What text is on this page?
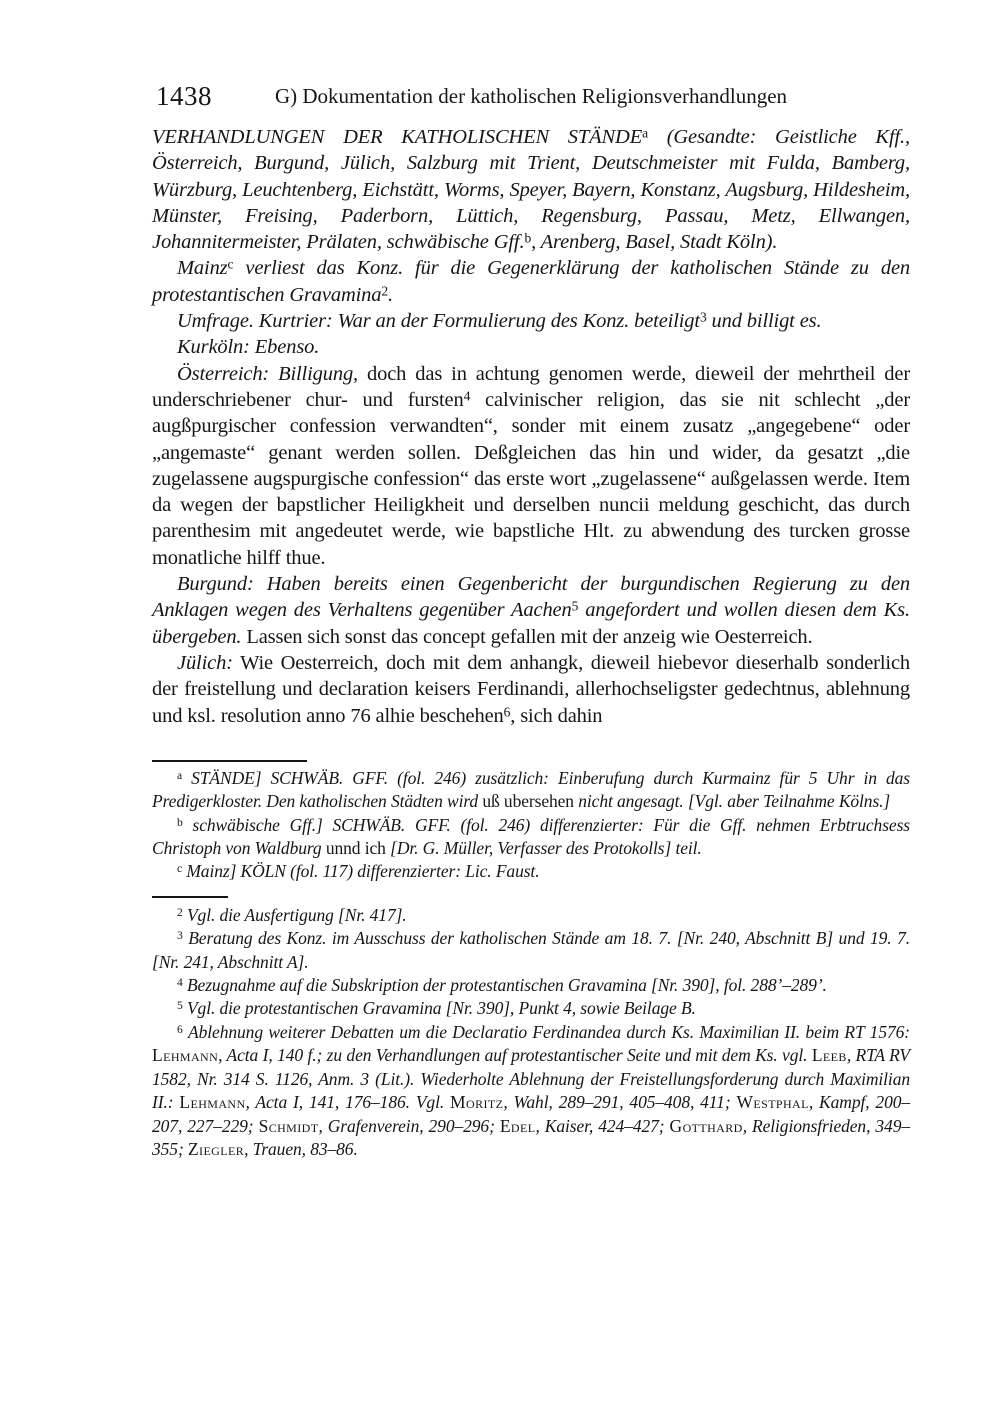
1438	G) Dokumentation der katholischen Religionsverhandlungen

VERHANDLUNGEN DER KATHOLISCHEN STÄNDE$^a$ (Gesandte: Geistliche Kff., Österreich, Burgund, Jülich, Salzburg mit Trient, Deutschmeister mit Fulda, Bamberg, Würzburg, Leuchtenberg, Eichstätt, Worms, Speyer, Bayern, Konstanz, Augsburg, Hildesheim, Münster, Freising, Paderborn, Lüttich, Regensburg, Passau, Metz, Ellwangen, Johannitermeister, Prälaten, schwäbische Gff.$^b$, Arenberg, Basel, Stadt Köln).

Mainz$^c$ verliest das Konz. für die Gegenerklärung der katholischen Stände zu den protestantischen Gravamina$^2$.

Umfrage. Kurtrier: War an der Formulierung des Konz. beteiligt$^3$ und billigt es.

Kurköln: Ebenso.

Österreich: Billigung, doch das in achtung genomen werde, dieweil der mehrtheil der underschriebener chur- und fursten$^4$ calvinischer religion, das sie nit schlecht „der augßpurgischer confession verwandten“, sonder mit einem zusatz „angegebene“ oder „angemaste“ genant werden sollen. Deßgleichen das hin und wider, da gesatzt „die zugelassene augspurgische confession“ das erste wort „zugelassene“ außgelassen werde. Item da wegen der bapstlicher Heiligkheit und derselben nuncii meldung geschicht, das durch parenthesim mit angedeutet werde, wie bapstliche Hlt. zu abwendung des turcken grosse monatliche hilff thue.

Burgund: Haben bereits einen Gegenbericht der burgundischen Regierung zu den Anklagen wegen des Verhaltens gegenüber Aachen$^5$ angefordert und wollen diesen dem Ks. übergeben. Lassen sich sonst das concept gefallen mit der anzeig wie Oesterreich.

Jülich: Wie Oesterreich, doch mit dem anhangk, dieweil hiebevor dieserhalb sonderlich der freistellung und declaration keisers Ferdinandi, allerhochseligster gedechtnus, ablehnung und ksl. resolution anno 76 alhie beschehen$^6$, sich dahin

$^a$ STÄNDE] SCHWÄB. GFF. (fol. 246) zusätzlich: Einberufung durch Kurmainz für 5 Uhr in das Predigerkloster. Den katholischen Städten wird uß ubersehen nicht angesagt. [Vgl. aber Teilnahme Kölns.]

$^b$ schwäbische Gff.] SCHWÄB. GFF. (fol. 246) differenzierter: Für die Gff. nehmen Erbtruchsess Christoph von Waldburg unnd ich [Dr. G. Müller, Verfasser des Protokolls] teil.

$^c$ Mainz] KÖLN (fol. 117) differenzierter: Lic. Faust.

$^2$ Vgl. die Ausfertigung [Nr. 417].

$^3$ Beratung des Konz. im Ausschuss der katholischen Stände am 18. 7. [Nr. 240, Abschnitt B] und 19. 7. [Nr. 241, Abschnitt A].

$^4$ Bezugnahme auf die Subskription der protestantischen Gravamina [Nr. 390], fol. 288’–289’.

$^5$ Vgl. die protestantischen Gravamina [Nr. 390], Punkt 4, sowie Beilage B.

$^6$ Ablehnung weiterer Debatten um die Declaratio Ferdinandea durch Ks. Maximilian II. beim RT 1576: Lehmann, Acta I, 140 f.; zu den Verhandlungen auf protestantischer Seite und mit dem Ks. vgl. Leeb, RTA RV 1582, Nr. 314 S. 1126, Anm. 3 (Lit.). Wiederholte Ablehnung der Freistellungsforderung durch Maximilian II.: Lehmann, Acta I, 141, 176–186. Vgl. Moritz, Wahl, 289–291, 405–408, 411; Westphal, Kampf, 200–207, 227–229; Schmidt, Grafenverein, 290–296; Edel, Kaiser, 424–427; Gotthard, Religionsfrieden, 349–355; Ziegler, Trauen, 83–86.
